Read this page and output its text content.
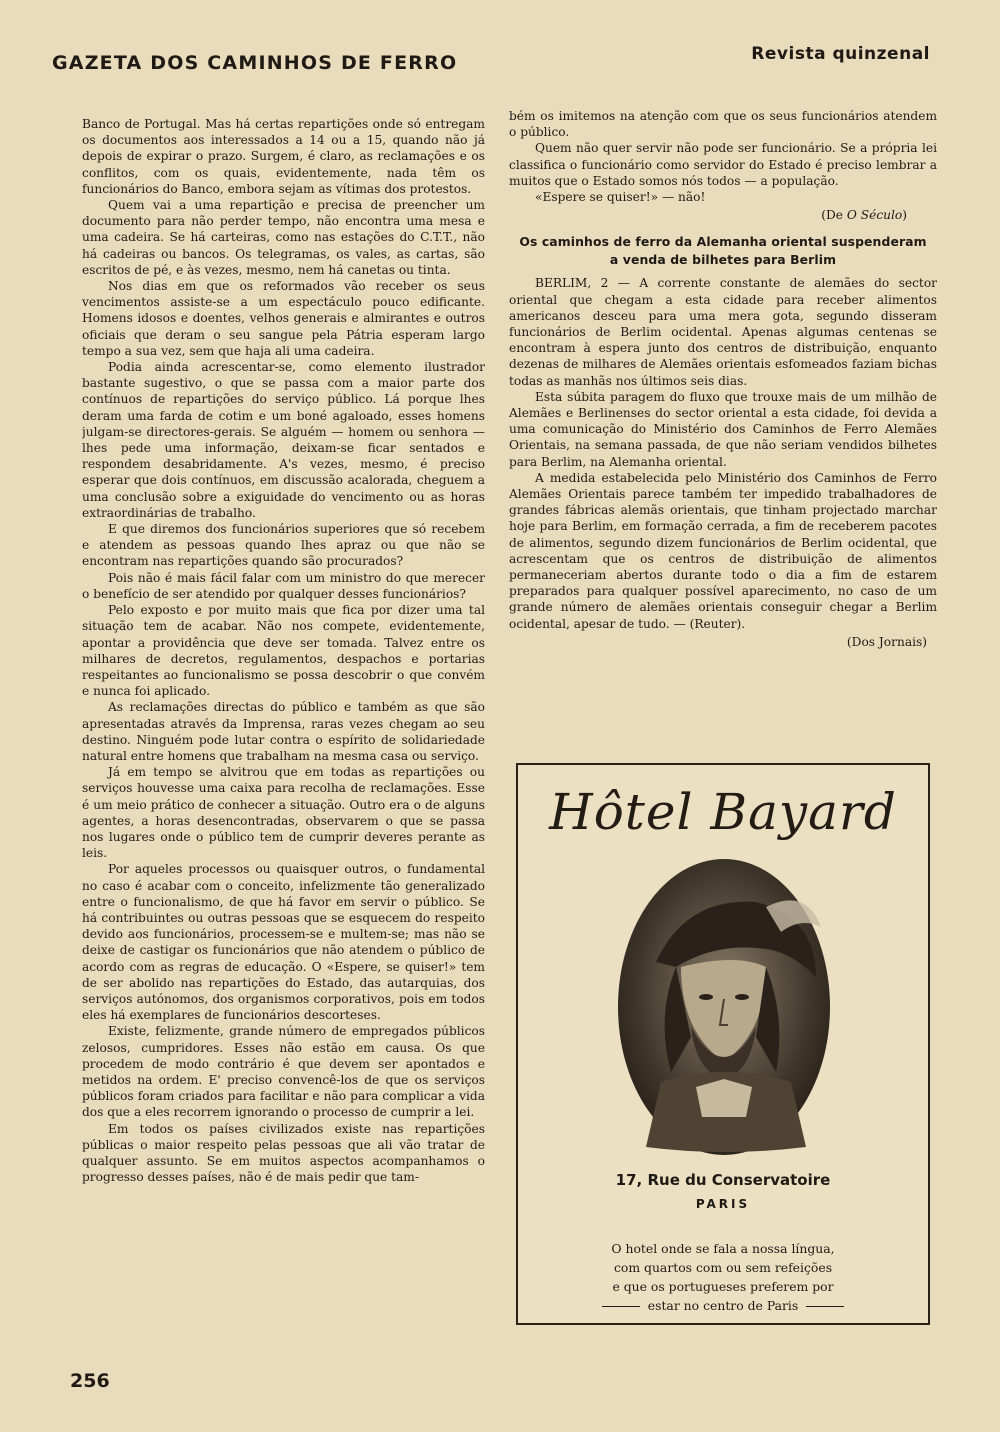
GAZETA DOS CAMINHOS DE FERRO	Revista quinzenal

Banco de Portugal. Mas há certas repartições onde só entregam os documentos aos interessados a 14 ou a 15, quando não já depois de expirar o prazo. Surgem, é claro, as reclamações e os conflitos, com os quais, evidentemente, nada têm os funcionários do Banco, embora sejam as vítimas dos protestos.

Quem vai a uma repartição e precisa de preencher um documento para não perder tempo, não encontra uma mesa e uma cadeira. Se há carteiras, como nas estações do C.T.T., não há cadeiras ou bancos. Os telegramas, os vales, as cartas, são escritos de pé, e às vezes, mesmo, nem há canetas ou tinta.

Nos dias em que os reformados vão receber os seus vencimentos assiste-se a um espectáculo pouco edificante. Homens idosos e doentes, velhos generais e almirantes e outros oficiais que deram o seu sangue pela Pátria esperam largo tempo a sua vez, sem que haja ali uma cadeira.

Podia ainda acrescentar-se, como elemento ilustrador bastante sugestivo, o que se passa com a maior parte dos contínuos de repartições do serviço público. Lá porque lhes deram uma farda de cotim e um boné agaloado, esses homens julgam-se directores-gerais. Se alguém — homem ou senhora — lhes pede uma informação, deixam-se ficar sentados e respondem desabridamente. A's vezes, mesmo, é preciso esperar que dois contínuos, em discussão acalorada, cheguem a uma conclusão sobre a exiguidade do vencimento ou as horas extraordinárias de trabalho.

E que diremos dos funcionários superiores que só recebem e atendem as pessoas quando lhes apraz ou que não se encontram nas repartições quando são procurados?

Pois não é mais fácil falar com um ministro do que merecer o benefício de ser atendido por qualquer desses funcionários?

Pelo exposto e por muito mais que fica por dizer uma tal situação tem de acabar. Não nos compete, evidentemente, apontar a providência que deve ser tomada. Talvez entre os milhares de decretos, regulamentos, despachos e portarias respeitantes ao funcionalismo se possa descobrir o que convém e nunca foi aplicado.

As reclamações directas do público e também as que são apresentadas através da Imprensa, raras vezes chegam ao seu destino. Ninguém pode lutar contra o espírito de solidariedade natural entre homens que trabalham na mesma casa ou serviço.

Já em tempo se alvitrou que em todas as repartições ou serviços houvesse uma caixa para recolha de reclamações. Esse é um meio prático de conhecer a situação. Outro era o de alguns agentes, a horas desencontradas, observarem o que se passa nos lugares onde o público tem de cumprir deveres perante as leis.

Por aqueles processos ou quaisquer outros, o fundamental no caso é acabar com o conceito, infelizmente tão generalizado entre o funcionalismo, de que há favor em servir o público. Se há contribuintes ou outras pessoas que se esquecem do respeito devido aos funcionários, processem-se e multem-se; mas não se deixe de castigar os funcionários que não atendem o público de acordo com as regras de educação. O «Espere, se quiser!» tem de ser abolido nas repartições do Estado, das autarquias, dos serviços autónomos, dos organismos corporativos, pois em todos eles há exemplares de funcionários descorteses.

Existe, felizmente, grande número de empregados públicos zelosos, cumpridores. Esses não estão em causa. Os que procedem de modo contrário é que devem ser apontados e metidos na ordem. E' preciso convencê-los de que os serviços públicos foram criados para facilitar e não para complicar a vida dos que a eles recorrem ignorando o processo de cumprir a lei.

Em todos os países civilizados existe nas repartições públicas o maior respeito pelas pessoas que ali vão tratar de qualquer assunto. Se em muitos aspectos acompanhamos o progresso desses países, não é de mais pedir que tam-

bém os imitemos na atenção com que os seus funcionários atendem o público.

Quem não quer servir não pode ser funcionário. Se a própria lei classifica o funcionário como servidor do Estado é preciso lembrar a muitos que o Estado somos nós todos — a população.

«Espere se quiser!» — não!

(De O Século)
Os caminhos de ferro da Alemanha oriental suspenderam
a venda de bilhetes para Berlim

BERLIM, 2 — A corrente constante de alemães do sector oriental que chegam a esta cidade para receber alimentos americanos desceu para uma mera gota, segundo disseram funcionários de Berlim ocidental. Apenas algumas centenas se encontram à espera junto dos centros de distribuição, enquanto dezenas de milhares de Alemães orientais esfomeados faziam bichas todas as manhãs nos últimos seis dias.

Esta súbita paragem do fluxo que trouxe mais de um milhão de Alemães e Berlinenses do sector oriental a esta cidade, foi devida a uma comunicação do Ministério dos Caminhos de Ferro Alemães Orientais, na semana passada, de que não seriam vendidos bilhetes para Berlim, na Alemanha oriental.

A medida estabelecida pelo Ministério dos Caminhos de Ferro Alemães Orientais parece também ter impedido trabalhadores de grandes fábricas alemãs orientais, que tinham projectado marchar hoje para Berlim, em formação cerrada, a fim de receberem pacotes de alimentos, segundo dizem funcionários de Berlim ocidental, que acrescentam que os centros de distribuição de alimentos permaneceriam abertos durante todo o dia a fim de estarem preparados para qualquer possível aparecimento, no caso de um grande número de alemães orientais conseguir chegar a Berlim ocidental, apesar de tudo. — (Reuter).

(Dos Jornais)
Hôtel Bayard
17, Rue du Conservatoire
PARIS
O hotel onde se fala a nossa língua,
com quartos com ou sem refeições
e que os portugueses preferem por
estar no centro de Paris
256
